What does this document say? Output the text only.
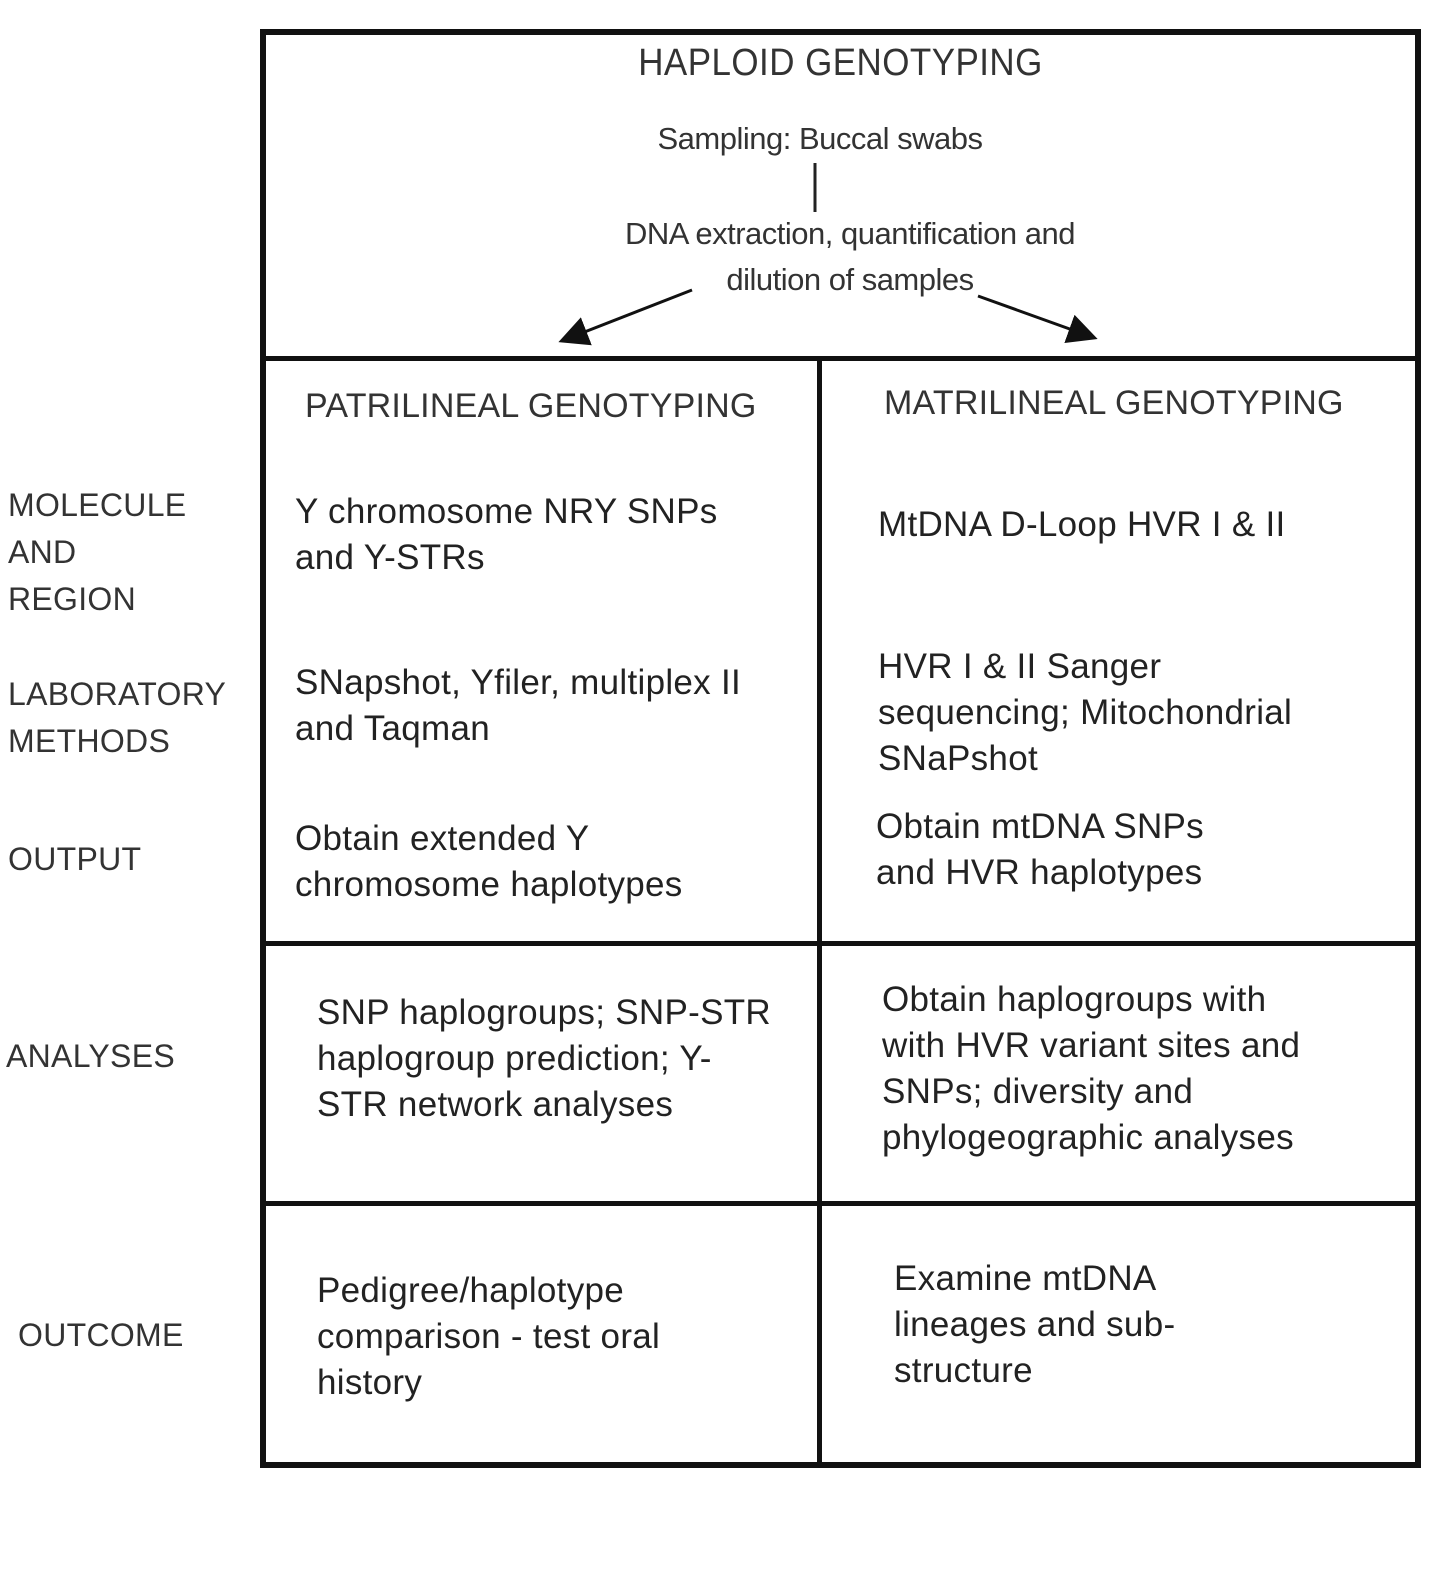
HAPLOID GENOTYPING

Sampling: Buccal swabs

DNA extraction, quantification and
dilution of samples

PATRILINEAL GENOTYPING	MATRILINEAL GENOTYPING

MOLECULE
AND
REGION

LABORATORY
METHODS

OUTPUT

ANALYSES

OUTCOME

Y chromosome NRY SNPs
and Y-STRs

SNapshot, Yfiler, multiplex II
and Taqman

Obtain extended Y
chromosome haplotypes

SNP haplogroups; SNP-STR
haplogroup prediction; Y-
STR network analyses

Pedigree/haplotype
comparison - test oral
history

MtDNA D-Loop HVR I & II

HVR I & II Sanger
sequencing; Mitochondrial
SNaPshot

Obtain mtDNA SNPs
and HVR haplotypes

Obtain haplogroups with
with HVR variant sites and
SNPs; diversity and
phylogeographic analyses

Examine mtDNA
lineages and sub-
structure
